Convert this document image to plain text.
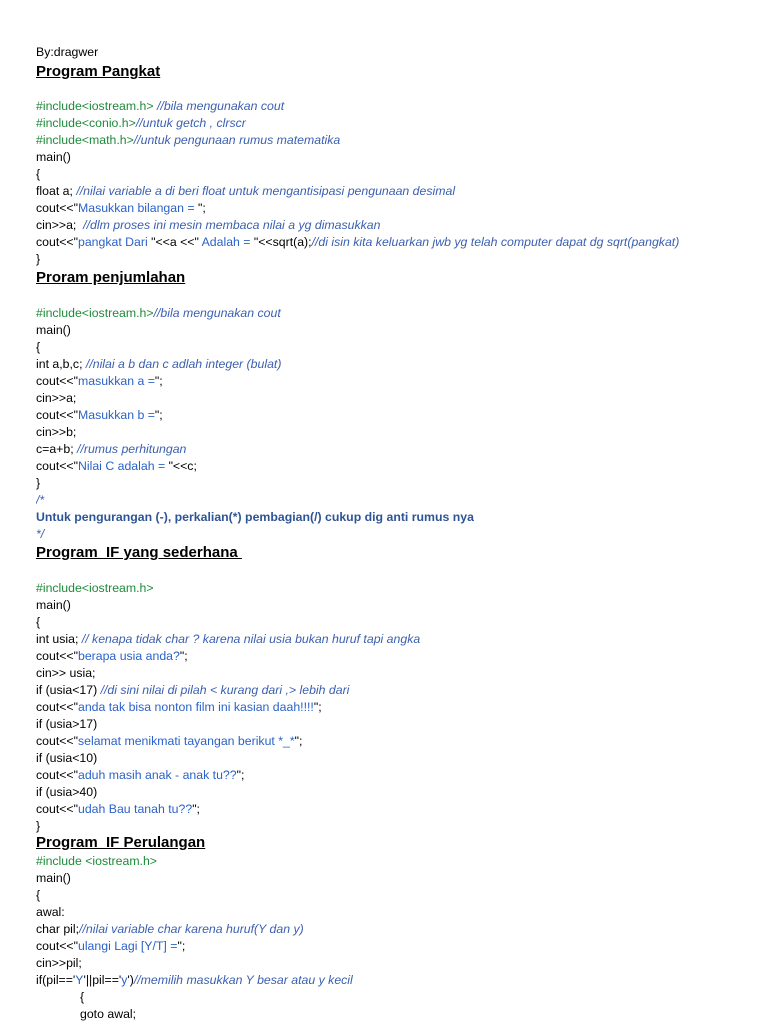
By:dragwer
Program Pangkat
#include<iostream.h> //bila mengunakan cout
#include<conio.h>//untuk getch , clrscr
#include<math.h>//untuk pengunaan rumus matematika
main()
{
float a; //nilai variable a di beri float untuk mengantisipasi pengunaan desimal
cout<<"Masukkan bilangan = ";
cin>>a;  //dlm proses ini mesin membaca nilai a yg dimasukkan
cout<<"pangkat Dari "<<a <<" Adalah = "<<sqrt(a);//di isin kita keluarkan jwb yg telah computer dapat dg sqrt(pangkat)
}
Proram penjumlahan
#include<iostream.h>//bila mengunakan cout
main()
{
int a,b,c; //nilai a b dan c adlah integer (bulat)
cout<<"masukkan a =";
cin>>a;
cout<<"Masukkan b =";
cin>>b;
c=a+b; //rumus perhitungan
cout<<"Nilai C adalah = "<<c;
}
/*
Untuk pengurangan (-), perkalian(*) pembagian(/) cukup dig anti rumus nya
*/
Program  IF yang sederhana
#include<iostream.h>
main()
{
int usia; // kenapa tidak char ? karena nilai usia bukan huruf tapi angka
cout<<"berapa usia anda?";
cin>> usia;
if (usia<17) //di sini nilai di pilah < kurang dari ,> lebih dari
cout<<"anda tak bisa nonton film ini kasian daah!!!!";
if (usia>17)
cout<<"selamat menikmati tayangan berikut *_*";
if (usia<10)
cout<<"aduh masih anak - anak tu??";
if (usia>40)
cout<<"udah Bau tanah tu??";
}
Program  IF Perulangan
#include <iostream.h>
main()
{
awal:
char pil;//nilai variable char karena huruf(Y dan y)
cout<<"ulangi Lagi [Y/T] =";
cin>>pil;
if(pil=='Y'||pil=='y')//memilih masukkan Y besar atau y kecil
{
goto awal;
